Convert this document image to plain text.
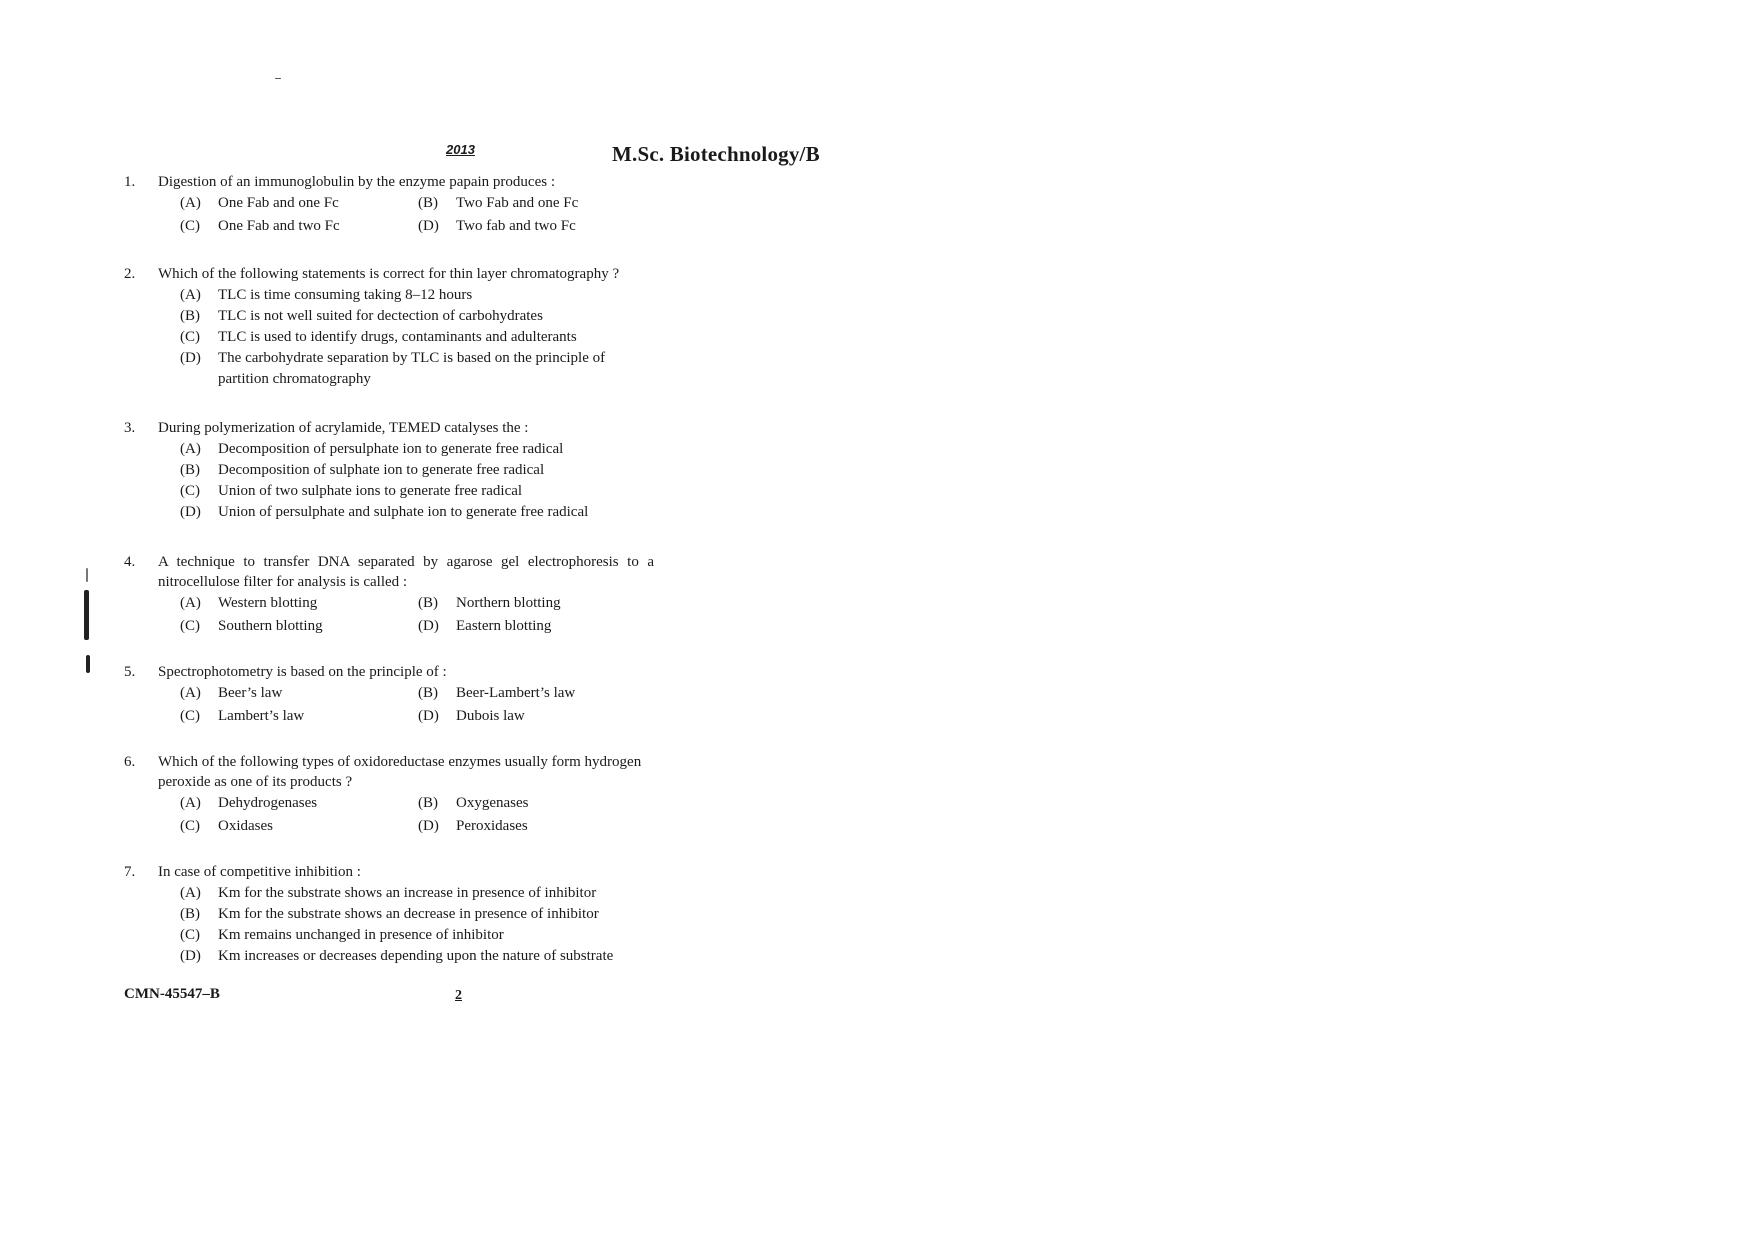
2013	M.Sc. Biotechnology/B
1.	Digestion of an immunoglobulin by the enzyme papain produces :
(A)	One Fab and one Fc	(B)	Two Fab and one Fc
(C)	One Fab and two Fc	(D)	Two fab and two Fc
2.	Which of the following statements is correct for thin layer chromatography ?
(A)	TLC is time consuming taking 8–12 hours
(B)	TLC is not well suited for dectection of carbohydrates
(C)	TLC is used to identify drugs, contaminants and adulterants
(D)	The carbohydrate separation by TLC is based on the principle of partition chromatography
3.	During polymerization of acrylamide, TEMED catalyses the :
(A)	Decomposition of persulphate ion to generate free radical
(B)	Decomposition of sulphate ion to generate free radical
(C)	Union of two sulphate ions to generate free radical
(D)	Union of persulphate and sulphate ion to generate free radical
4.	A technique to transfer DNA separated by agarose gel electrophoresis to a nitrocellulose filter for analysis is called :
(A)	Western blotting	(B)	Northern blotting
(C)	Southern blotting	(D)	Eastern blotting
5.	Spectrophotometry is based on the principle of :
(A)	Beer’s law	(B)	Beer-Lambert’s law
(C)	Lambert’s law	(D)	Dubois law
6.	Which of the following types of oxidoreductase enzymes usually form hydrogen peroxide as one of its products ?
(A)	Dehydrogenases	(B)	Oxygenases
(C)	Oxidases	(D)	Peroxidases
7.	In case of competitive inhibition :
(A)	Km for the substrate shows an increase in presence of inhibitor
(B)	Km for the substrate shows an decrease in presence of inhibitor
(C)	Km remains unchanged in presence of inhibitor
(D)	Km increases or decreases depending upon the nature of substrate
CMN-45547–B	2
